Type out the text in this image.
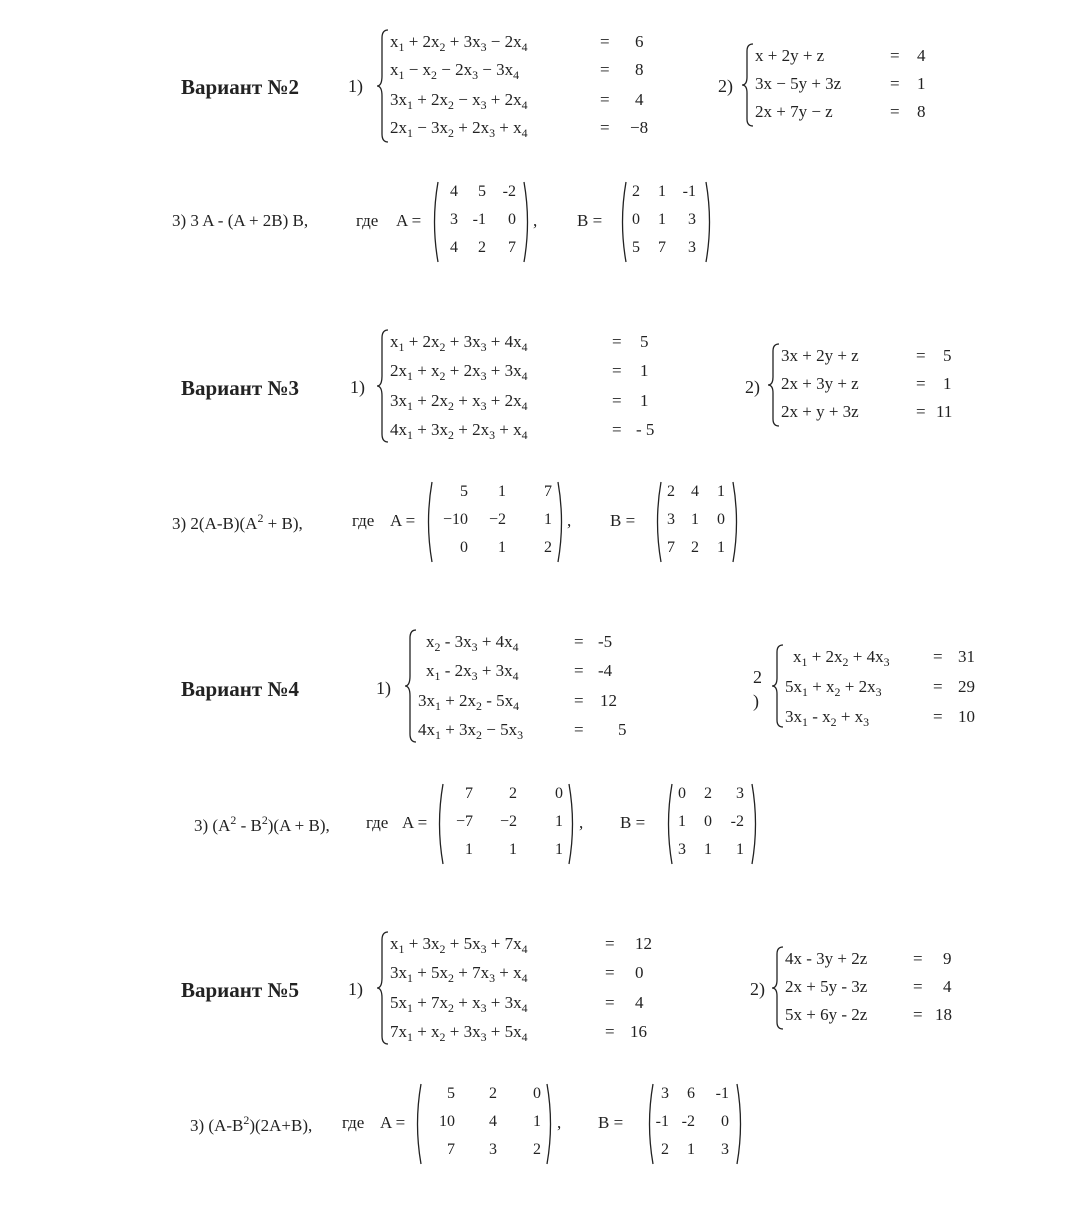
Вариант №2	1)
$x_1 + 2x_2 + 3x_3 - 2x_4$	= 6
$x_1 - x_2 - 2x_3 - 3x_4$	= 8
$3x_1 + 2x_2 - x_3 + 2x_4$	= 4
$2x_1 - 3x_2 + 2x_3 + x_4$	= −8
2)
x + 2y + z	= 4
3x − 5y + 3z	= 1
2x + 7y − z	= 8
3) 3 A - (A + 2B) B,	где A =
4	5	-2
3 -1	0
4	2	7
, B =
2	1	-1
0	1	3
5	7	3
Вариант №3	1)
$x_1 + 2x_2 + 3x_3 + 4x_4$	= 5
$2x_1 + x_2 + 2x_3 + 3x_4$	= 1
$3x_1 + 2x_2 + x_3 + 2x_4$	= 1
$4x_1 + 3x_2 + 2x_3 + x_4$	= - 5
2)
3x + 2y + z	= 5
2x + 3y + z	= 1
2x + y + 3z	= 11
3) $2(A-B)(A^2 + B)$,	где A =
5	1	7
−10	−2	1
0	1	2
, B =
2	4	1
3	1	0
7	2	1
Вариант №4	1)
$x_2 - 3x_3 + 4x_4$	= -5
$x_1 - 2x_3 + 3x_4$	= -4
$3x_1 + 2x_2 - 5x_4$	= 12
$4x_1 + 3x_2 - 5x_3$	= 5
2 )
$x_1 + 2x_2 + 4x_3$	= 31
$5x_1 + x_2 + 2x_3$	= 29
$3x_1 - x_2 + x_3$	= 10
3) $(A^2 - B^2)(A + B)$, где A =
7	2	0
−7	−2	1
1	1	1
, B =
0	2	3
1	0	-2
3	1	1
Вариант №5	1)
$x_1 + 3x_2 + 5x_3 + 7x_4$	= 12
$3x_1 + 5x_2 + 7x_3 + x_4$	= 0
$5x_1 + 7x_2 + x_3 + 3x_4$	= 4
$7x_1 + x_2 + 3x_3 + 5x_4$	= 16
2)
4x - 3y + 2z	= 9
2x + 5y - 3z	= 4
5x + 6y - 2z	= 18
3) $(A-B^2)(2A+B)$, где A =
5	2	0
10	4	1
7	3	2
, B =
3	6	-1
-1 -2	0
2	1	3
